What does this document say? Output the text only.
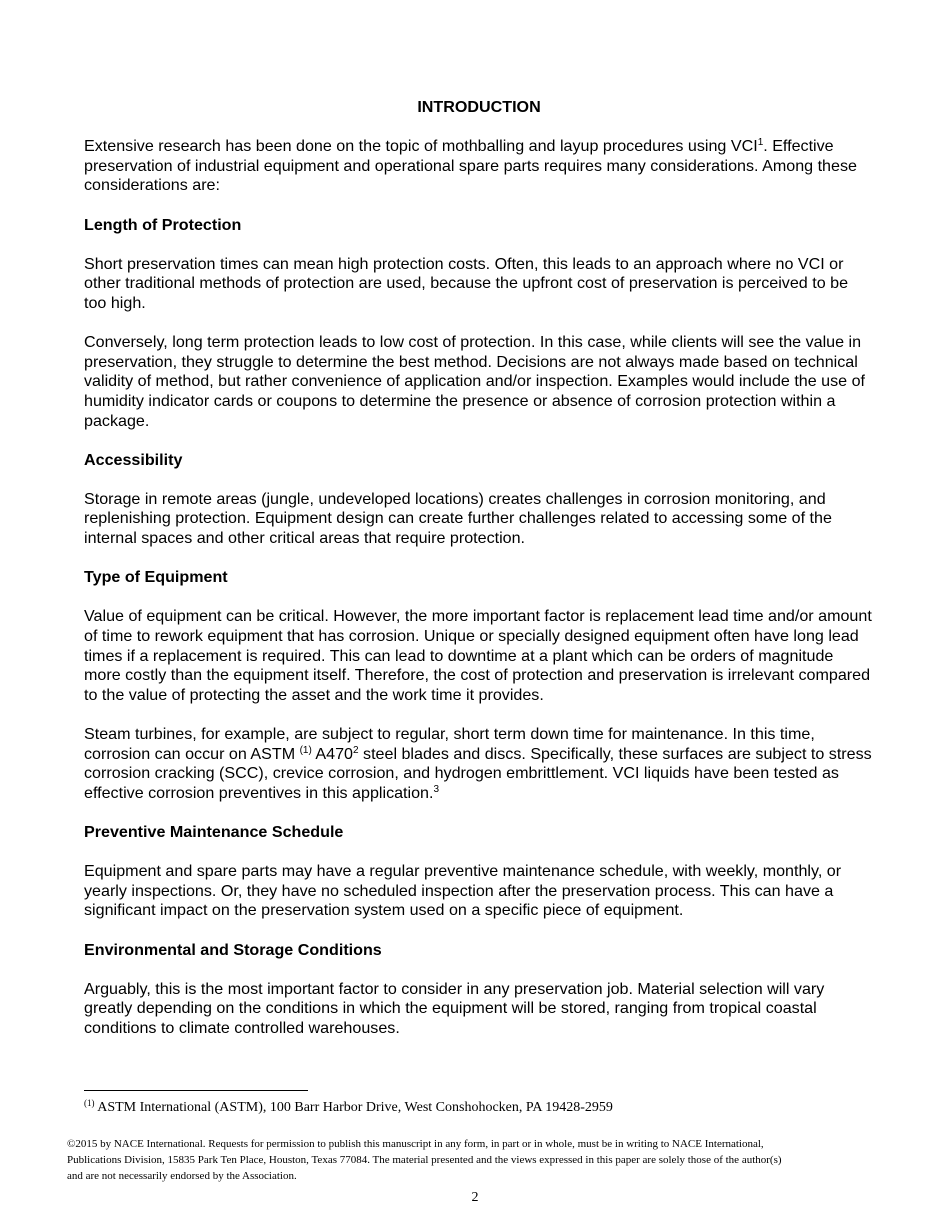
INTRODUCTION

Extensive research has been done on the topic of mothballing and layup procedures using VCI$^1$. Effective preservation of industrial equipment and operational spare parts requires many considerations. Among these considerations are:

Length of Protection

Short preservation times can mean high protection costs. Often, this leads to an approach where no VCI or other traditional methods of protection are used, because the upfront cost of preservation is perceived to be too high.

Conversely, long term protection leads to low cost of protection. In this case, while clients will see the value in preservation, they struggle to determine the best method. Decisions are not always made based on technical validity of method, but rather convenience of application and/or inspection. Examples would include the use of humidity indicator cards or coupons to determine the presence or absence of corrosion protection within a package.

Accessibility

Storage in remote areas (jungle, undeveloped locations) creates challenges in corrosion monitoring, and replenishing protection. Equipment design can create further challenges related to accessing some of the internal spaces and other critical areas that require protection.

Type of Equipment

Value of equipment can be critical. However, the more important factor is replacement lead time and/or amount of time to rework equipment that has corrosion. Unique or specially designed equipment often have long lead times if a replacement is required. This can lead to downtime at a plant which can be orders of magnitude more costly than the equipment itself. Therefore, the cost of protection and preservation is irrelevant compared to the value of protecting the asset and the work time it provides.

Steam turbines, for example, are subject to regular, short term down time for maintenance. In this time, corrosion can occur on ASTM $^{(1)}$ $A470^2$ steel blades and discs. Specifically, these surfaces are subject to stress corrosion cracking (SCC), crevice corrosion, and hydrogen embrittlement. VCI liquids have been tested as effective corrosion preventives in this application.$^3$

Preventive Maintenance Schedule

Equipment and spare parts may have a regular preventive maintenance schedule, with weekly, monthly, or yearly inspections. Or, they have no scheduled inspection after the preservation process. This can have a significant impact on the preservation system used on a specific piece of equipment.

Environmental and Storage Conditions

Arguably, this is the most important factor to consider in any preservation job. Material selection will vary greatly depending on the conditions in which the equipment will be stored, ranging from tropical coastal conditions to climate controlled warehouses.

$^{(1)}$ ASTM International (ASTM), 100 Barr Harbor Drive, West Conshohocken, PA 19428-2959
©2015 by NACE International. Requests for permission to publish this manuscript in any form, in part or in whole, must be in writing to NACE International, Publications Division, 15835 Park Ten Place, Houston, Texas 77084. The material presented and the views expressed in this paper are solely those of the author(s) and are not necessarily endorsed by the Association.
2
